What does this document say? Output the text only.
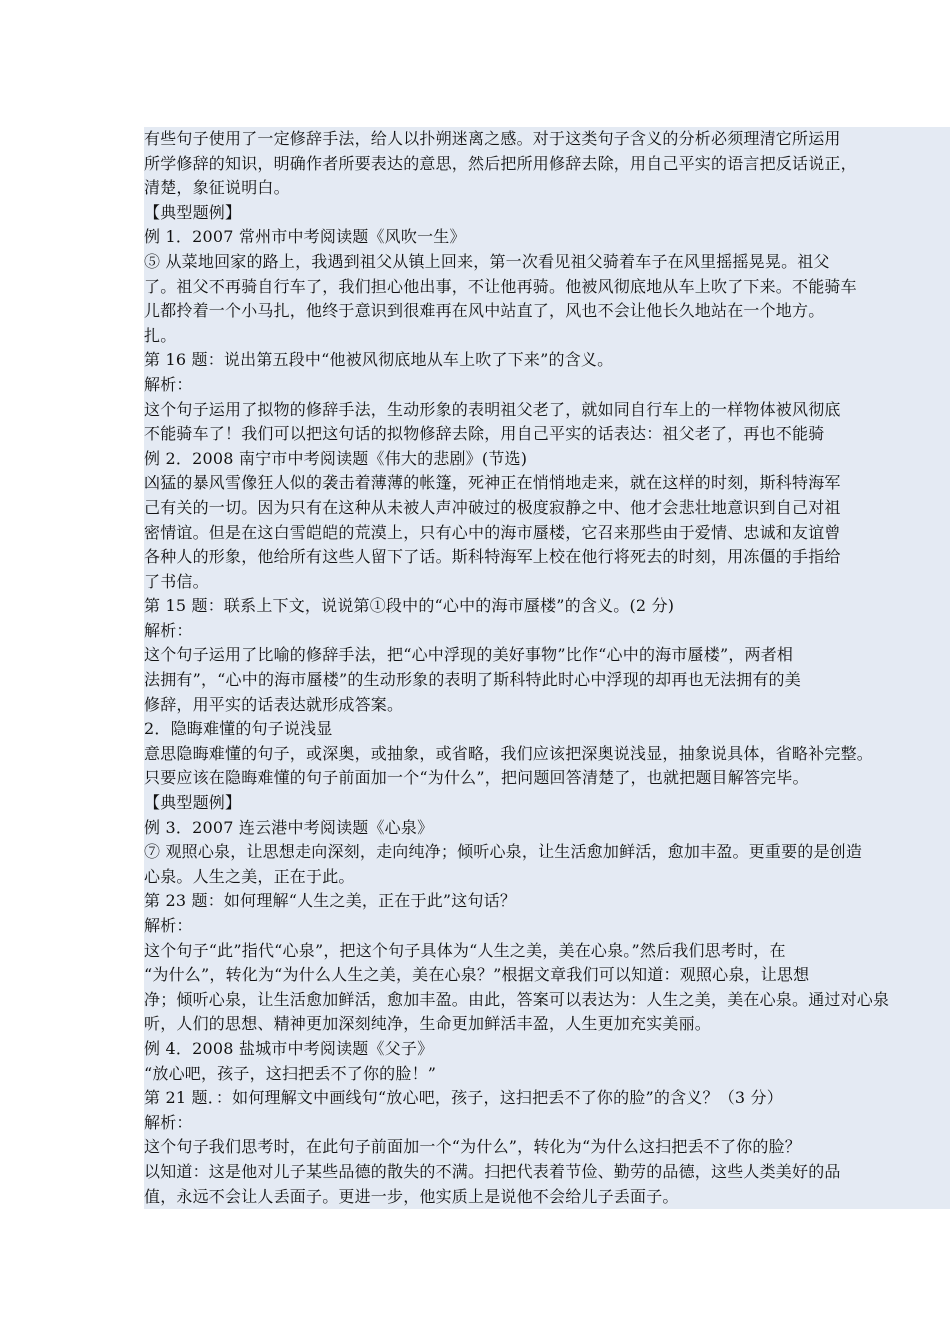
有些句子使用了一定修辞手法，给人以扑朔迷离之感。对于这类句子含义的分析必须理清它所运用
所学修辞的知识，明确作者所要表达的意思，然后把所用修辞去除，用自己平实的语言把反话说正，
清楚，象征说明白。
【典型题例】
例 1．2007 常州市中考阅读题《风吹一生》
⑤ 从菜地回家的路上，我遇到祖父从镇上回来，第一次看见祖父骑着车子在风里摇摇晃晃。祖父
了。祖父不再骑自行车了，我们担心他出事，不让他再骑。他被风彻底地从车上吹了下来。不能骑车
儿都拎着一个小马扎，他终于意识到很难再在风中站直了，风也不会让他长久地站在一个地方。
扎。
第 16 题：说出第五段中“他被风彻底地从车上吹了下来”的含义。
解析：
这个句子运用了拟物的修辞手法，生动形象的表明祖父老了，就如同自行车上的一样物体被风彻底
不能骑车了！我们可以把这句话的拟物修辞去除，用自己平实的话表达：祖父老了，再也不能骑
例 2．2008 南宁市中考阅读题《伟大的悲剧》(节选)
凶猛的暴风雪像狂人似的袭击着薄薄的帐篷，死神正在悄悄地走来，就在这样的时刻，斯科特海军
己有关的一切。因为只有在这种从未被人声冲破过的极度寂静之中、他才会悲壮地意识到自己对祖
密情谊。但是在这白雪皑皑的荒漠上，只有心中的海市蜃楼，它召来那些由于爱情、忠诚和友谊曾
各种人的形象，他给所有这些人留下了话。斯科特海军上校在他行将死去的时刻，用冻僵的手指给
了书信。
第 15 题：联系上下文，说说第①段中的“心中的海市蜃楼”的含义。(2 分)
解析：
这个句子运用了比喻的修辞手法，把“心中浮现的美好事物”比作“心中的海市蜃楼”，两者相
法拥有”，“心中的海市蜃楼”的生动形象的表明了斯科特此时心中浮现的却再也无法拥有的美
修辞，用平实的话表达就形成答案。
2．隐晦难懂的句子说浅显
意思隐晦难懂的句子，或深奥，或抽象，或省略，我们应该把深奥说浅显，抽象说具体，省略补完整。
只要应该在隐晦难懂的句子前面加一个“为什么”，把问题回答清楚了，也就把题目解答完毕。
【典型题例】
例 3．2007 连云港中考阅读题《心泉》
⑦ 观照心泉，让思想走向深刻，走向纯净；倾听心泉，让生活愈加鲜活，愈加丰盈。更重要的是创造
心泉。人生之美，正在于此。
第 23 题：如何理解“人生之美，正在于此”这句话？
解析：
这个句子“此”指代“心泉”，把这个句子具体为“人生之美，美在心泉。”然后我们思考时，在
“为什么”，转化为“为什么人生之美，美在心泉？”根据文章我们可以知道：观照心泉，让思想
净；倾听心泉，让生活愈加鲜活，愈加丰盈。由此，答案可以表达为：人生之美，美在心泉。通过对心泉
听，人们的思想、精神更加深刻纯净，生命更加鲜活丰盈，人生更加充实美丽。
例 4．2008 盐城市中考阅读题《父子》
“放心吧，孩子，这扫把丢不了你的脸！”
第 21 题．：如何理解文中画线句“放心吧，孩子，这扫把丢不了你的脸”的含义？（3 分）
解析：
这个句子我们思考时，在此句子前面加一个“为什么”，转化为“为什么这扫把丢不了你的脸？
以知道：这是他对儿子某些品德的散失的不满。扫把代表着节俭、勤劳的品德，这些人类美好的品
值，永远不会让人丢面子。更进一步，他实质上是说他不会给儿子丢面子。
